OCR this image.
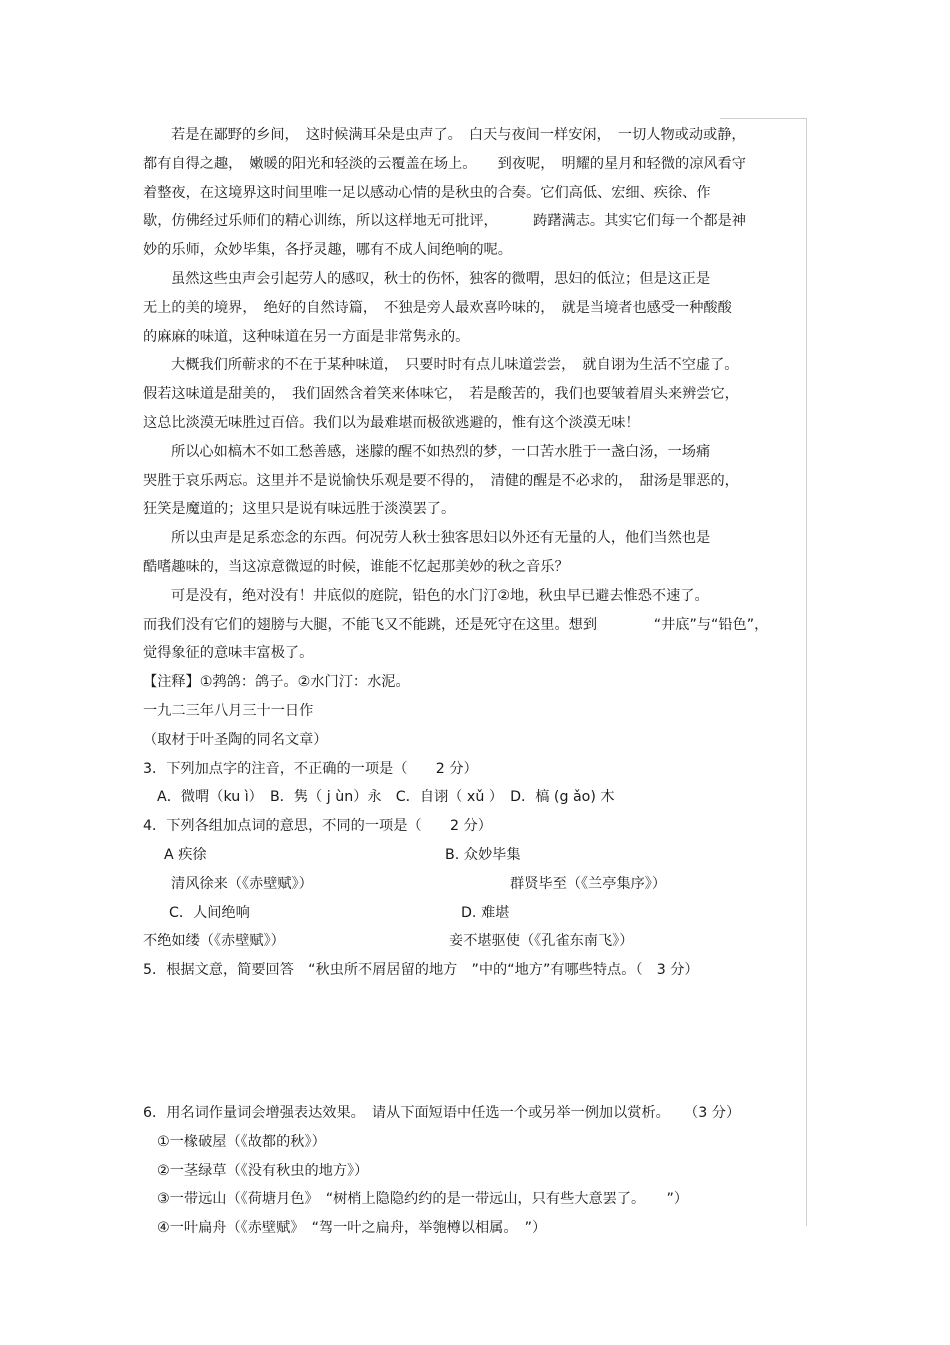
若是在鄙野的乡间，　这时候满耳朵是虫声了。　白天与夜间一样安闲，　一切人物或动或静，
都有自得之趣，　嫩暖的阳光和轻淡的云覆盖在场上。　　到夜呢，　明耀的星月和轻微的凉风看守
着整夜，在这境界这时间里唯一足以感动心情的是秋虫的合奏。它们高低、宏细、疾徐、作
歇，仿佛经过乐师们的精心训练，所以这样地无可批评，　　　踌躇满志。其实它们每一个都是神
妙的乐师，众妙毕集，各抒灵趣，哪有不成人间绝响的呢。
虽然这些虫声会引起劳人的感叹，秋士的伤怀，独客的微喟，思妇的低泣；但是这正是
无上的美的境界，　绝好的自然诗篇，　不独是旁人最欢喜吟味的，　就是当境者也感受一种酸酸
的麻麻的味道，这种味道在另一方面是非常隽永的。
大概我们所蕲求的不在于某种味道，　只要时时有点儿味道尝尝，　就自诩为生活不空虚了。
假若这味道是甜美的，　我们固然含着笑来体味它，　若是酸苦的，我们也要皱着眉头来辨尝它，
这总比淡漠无味胜过百倍。我们以为最难堪而极欲逃避的，惟有这个淡漠无味！
所以心如槁木不如工愁善感，迷朦的醒不如热烈的梦，一口苦水胜于一盏白汤，一场痛
哭胜于哀乐两忘。这里并不是说愉快乐观是要不得的，　清健的醒是不必求的，　甜汤是罪恶的，
狂笑是魔道的；这里只是说有味远胜于淡漠罢了。
所以虫声是足系恋念的东西。何况劳人秋士独客思妇以外还有无量的人，他们当然也是
酷嗜趣味的，当这凉意微逗的时候，谁能不忆起那美妙的秋之音乐？
可是没有，绝对没有！井底似的庭院，铅色的水门汀②地，秋虫早已避去惟恐不速了。
而我们没有它们的翅膀与大腿，不能飞又不能跳，还是死守在这里。想到　　　　“井底”与“铅色”，
觉得象征的意味丰富极了。
【注释】①鹁鸽：鸽子。②水门汀：水泥。
一九二三年八月三十一日作
（取材于叶圣陶的同名文章）
3．下列加点字的注音，不正确的一项是（　　2 分）
A．微喟（ku ì）　B．隽（ j ùn）永　C．自诩（ xǔ ）　D．槁 (g ǎo) 木
4．下列各组加点词的意思，不同的一项是（　　2 分）
A 疾徐	B. 众妙毕集
清风徐来（《赤壁赋》）	群贤毕至（《兰亭集序》）
C．人间绝响	D. 难堪
不绝如缕（《赤壁赋》）	妾不堪驱使（《孔雀东南飞》）
5．根据文意，简要回答　“秋虫所不屑居留的地方　”中的“地方”有哪些特点。（　3 分）
6．用名词作量词会增强表达效果。　请从下面短语中任选一个或另举一例加以赏析。　　（3 分）
①一椽破屋（《故都的秋》）
②一茎绿草（《没有秋虫的地方》）
③一带远山（《荷塘月色》　“树梢上隐隐约约的是一带远山，只有些大意罢了。　　”）
④一叶扁舟（《赤壁赋》　“驾一叶之扁舟，举匏樽以相属。　”）
